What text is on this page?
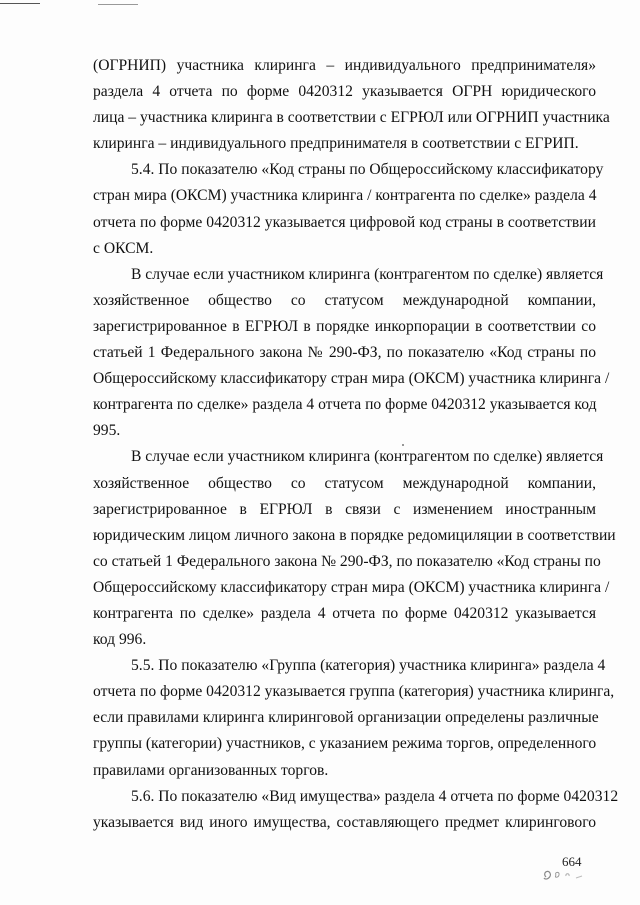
(ОГРНИП) участника клиринга – индивидуального предпринимателя»
раздела 4 отчета по форме 0420312 указывается ОГРН юридического
лица – участника клиринга в соответствии с ЕГРЮЛ или ОГРНИП участника
клиринга – индивидуального предпринимателя в соответствии с ЕГРИП.

5.4. По показателю «Код страны по Общероссийскому классификатору
стран мира (ОКСМ) участника клиринга / контрагента по сделке» раздела 4
отчета по форме 0420312 указывается цифровой код страны в соответствии
с ОКСМ.

В случае если участником клиринга (контрагентом по сделке) является
хозяйственное общество со статусом международной компании,
зарегистрированное в ЕГРЮЛ в порядке инкорпорации в соответствии со
статьей 1 Федерального закона № 290-ФЗ, по показателю «Код страны по
Общероссийскому классификатору стран мира (ОКСМ) участника клиринга /
контрагента по сделке» раздела 4 отчета по форме 0420312 указывается код
995.

В случае если участником клиринга (контрагентом по сделке) является
хозяйственное общество со статусом международной компании,
зарегистрированное в ЕГРЮЛ в связи с изменением иностранным
юридическим лицом личного закона в порядке редомициляции в соответствии
со статьей 1 Федерального закона № 290-ФЗ, по показателю «Код страны по
Общероссийскому классификатору стран мира (ОКСМ) участника клиринга /
контрагента по сделке» раздела 4 отчета по форме 0420312 указывается
код 996.

5.5. По показателю «Группа (категория) участника клиринга» раздела 4
отчета по форме 0420312 указывается группа (категория) участника клиринга,
если правилами клиринга клиринговой организации определены различные
группы (категории) участников, с указанием режима торгов, определенного
правилами организованных торгов.

5.6. По показателю «Вид имущества» раздела 4 отчета по форме 0420312
указывается вид иного имущества, составляющего предмет клирингового

664
